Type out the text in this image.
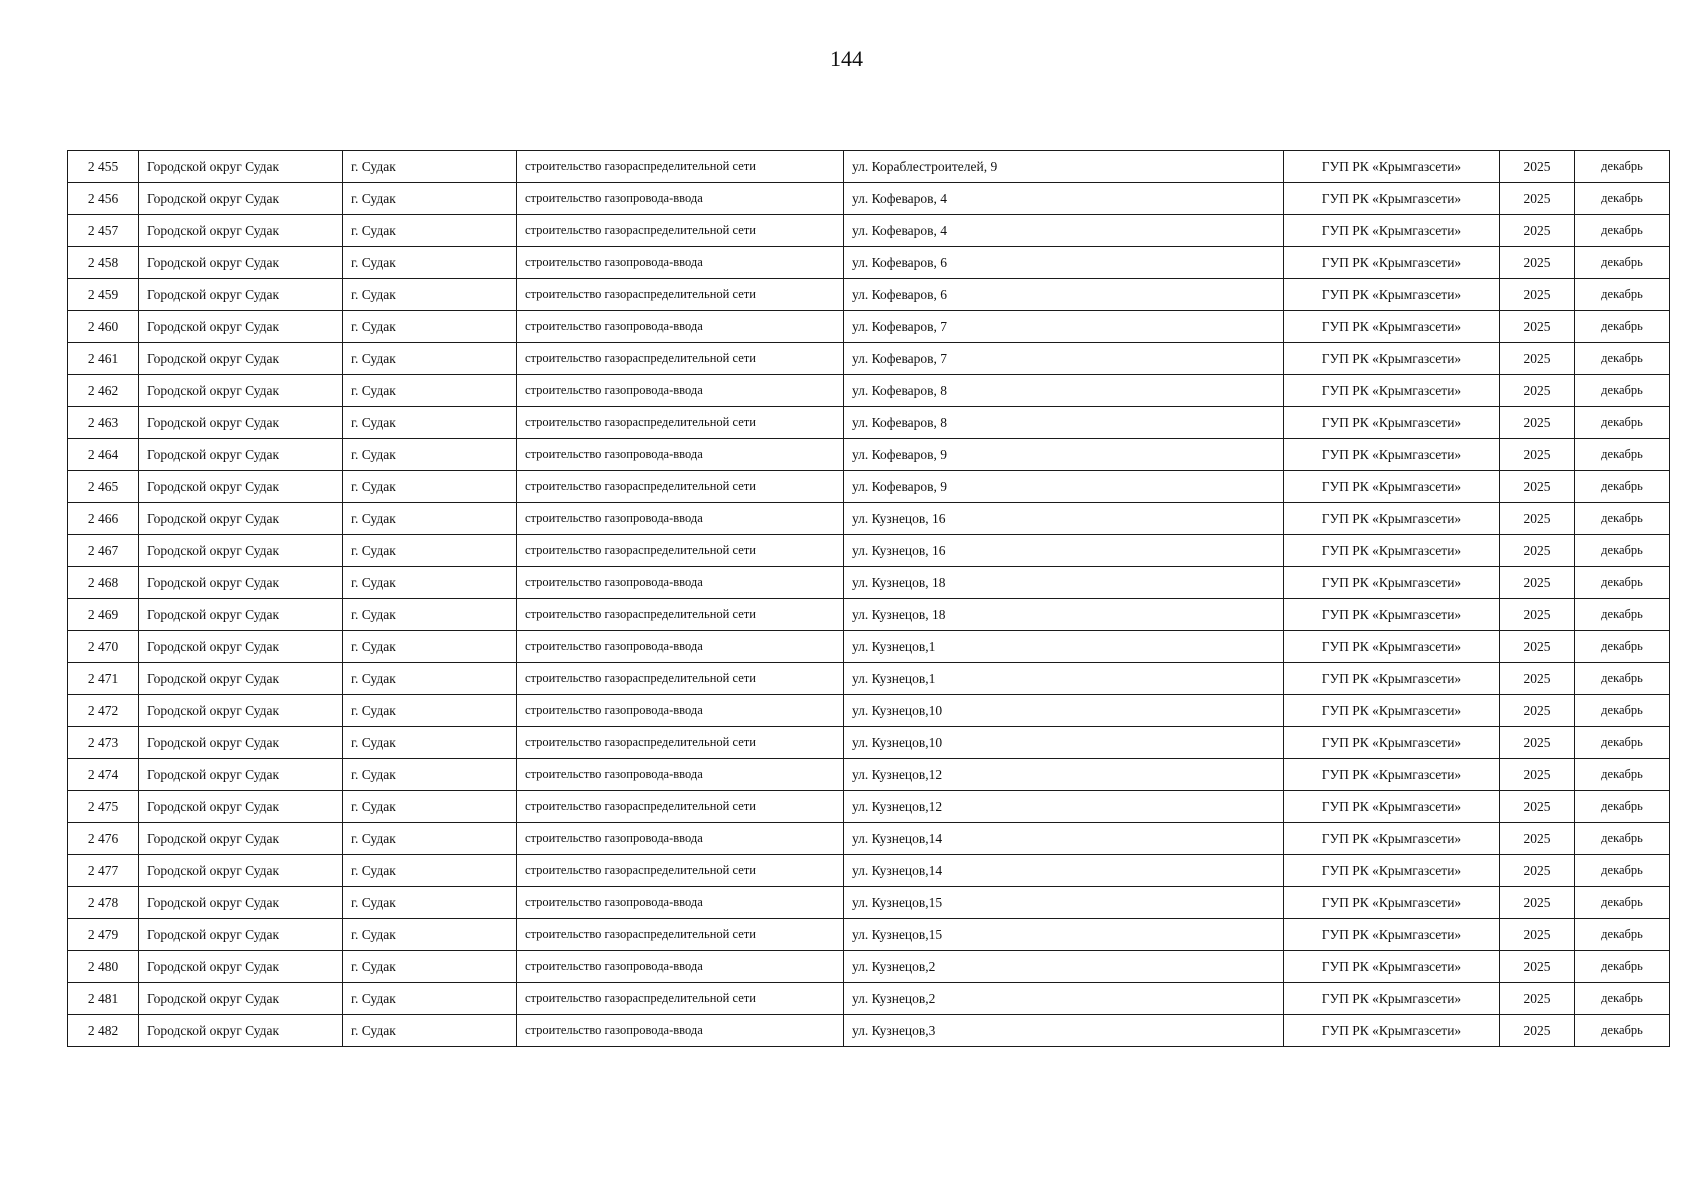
144
2 455	Городской округ Судак	г. Судак	строительство газораспределительной сети	ул. Кораблестроителей, 9	ГУП РК «Крымгазсети»	2025	декабрь
2 456	Городской округ Судак	г. Судак	строительство газопровода-ввода	ул. Кофеваров, 4	ГУП РК «Крымгазсети»	2025	декабрь
2 457	Городской округ Судак	г. Судак	строительство газораспределительной сети	ул. Кофеваров, 4	ГУП РК «Крымгазсети»	2025	декабрь
2 458	Городской округ Судак	г. Судак	строительство газопровода-ввода	ул. Кофеваров, 6	ГУП РК «Крымгазсети»	2025	декабрь
2 459	Городской округ Судак	г. Судак	строительство газораспределительной сети	ул. Кофеваров, 6	ГУП РК «Крымгазсети»	2025	декабрь
2 460	Городской округ Судак	г. Судак	строительство газопровода-ввода	ул. Кофеваров, 7	ГУП РК «Крымгазсети»	2025	декабрь
2 461	Городской округ Судак	г. Судак	строительство газораспределительной сети	ул. Кофеваров, 7	ГУП РК «Крымгазсети»	2025	декабрь
2 462	Городской округ Судак	г. Судак	строительство газопровода-ввода	ул. Кофеваров, 8	ГУП РК «Крымгазсети»	2025	декабрь
2 463	Городской округ Судак	г. Судак	строительство газораспределительной сети	ул. Кофеваров, 8	ГУП РК «Крымгазсети»	2025	декабрь
2 464	Городской округ Судак	г. Судак	строительство газопровода-ввода	ул. Кофеваров, 9	ГУП РК «Крымгазсети»	2025	декабрь
2 465	Городской округ Судак	г. Судак	строительство газораспределительной сети	ул. Кофеваров, 9	ГУП РК «Крымгазсети»	2025	декабрь
2 466	Городской округ Судак	г. Судак	строительство газопровода-ввода	ул. Кузнецов, 16	ГУП РК «Крымгазсети»	2025	декабрь
2 467	Городской округ Судак	г. Судак	строительство газораспределительной сети	ул. Кузнецов, 16	ГУП РК «Крымгазсети»	2025	декабрь
2 468	Городской округ Судак	г. Судак	строительство газопровода-ввода	ул. Кузнецов, 18	ГУП РК «Крымгазсети»	2025	декабрь
2 469	Городской округ Судак	г. Судак	строительство газораспределительной сети	ул. Кузнецов, 18	ГУП РК «Крымгазсети»	2025	декабрь
2 470	Городской округ Судак	г. Судак	строительство газопровода-ввода	ул. Кузнецов,1	ГУП РК «Крымгазсети»	2025	декабрь
2 471	Городской округ Судак	г. Судак	строительство газораспределительной сети	ул. Кузнецов,1	ГУП РК «Крымгазсети»	2025	декабрь
2 472	Городской округ Судак	г. Судак	строительство газопровода-ввода	ул. Кузнецов,10	ГУП РК «Крымгазсети»	2025	декабрь
2 473	Городской округ Судак	г. Судак	строительство газораспределительной сети	ул. Кузнецов,10	ГУП РК «Крымгазсети»	2025	декабрь
2 474	Городской округ Судак	г. Судак	строительство газопровода-ввода	ул. Кузнецов,12	ГУП РК «Крымгазсети»	2025	декабрь
2 475	Городской округ Судак	г. Судак	строительство газораспределительной сети	ул. Кузнецов,12	ГУП РК «Крымгазсети»	2025	декабрь
2 476	Городской округ Судак	г. Судак	строительство газопровода-ввода	ул. Кузнецов,14	ГУП РК «Крымгазсети»	2025	декабрь
2 477	Городской округ Судак	г. Судак	строительство газораспределительной сети	ул. Кузнецов,14	ГУП РК «Крымгазсети»	2025	декабрь
2 478	Городской округ Судак	г. Судак	строительство газопровода-ввода	ул. Кузнецов,15	ГУП РК «Крымгазсети»	2025	декабрь
2 479	Городской округ Судак	г. Судак	строительство газораспределительной сети	ул. Кузнецов,15	ГУП РК «Крымгазсети»	2025	декабрь
2 480	Городской округ Судак	г. Судак	строительство газопровода-ввода	ул. Кузнецов,2	ГУП РК «Крымгазсети»	2025	декабрь
2 481	Городской округ Судак	г. Судак	строительство газораспределительной сети	ул. Кузнецов,2	ГУП РК «Крымгазсети»	2025	декабрь
2 482	Городской округ Судак	г. Судак	строительство газопровода-ввода	ул. Кузнецов,3	ГУП РК «Крымгазсети»	2025	декабрь
